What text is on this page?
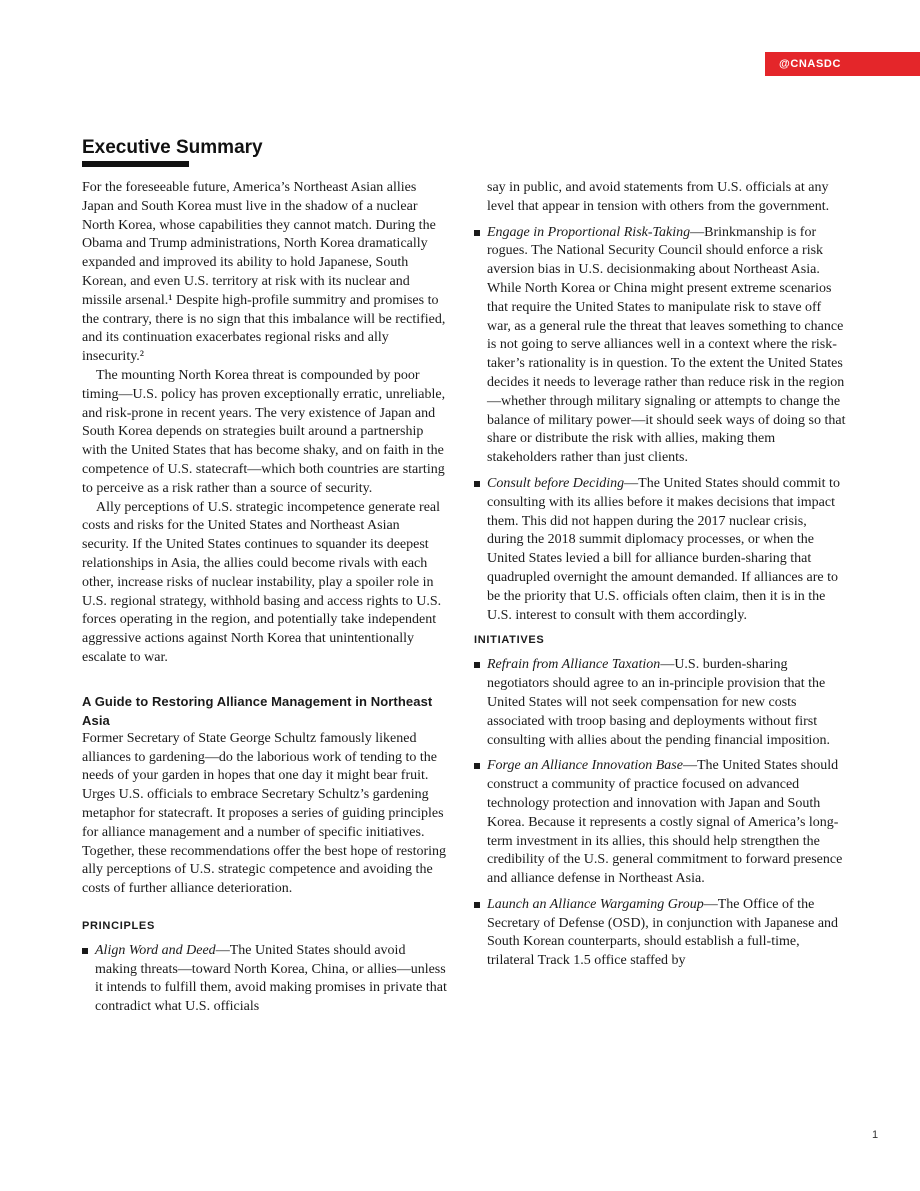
@CNASDC
Executive Summary

For the foreseeable future, America’s Northeast Asian allies Japan and South Korea must live in the shadow of a nuclear North Korea, whose capabilities they cannot match. During the Obama and Trump administrations, North Korea dramatically expanded and improved its ability to hold Japanese, South Korean, and even U.S. territory at risk with its nuclear and missile arsenal.¹ Despite high-profile summitry and promises to the contrary, there is no sign that this imbalance will be rectified, and its continuation exacerbates regional risks and ally insecurity.²

The mounting North Korea threat is compounded by poor timing—U.S. policy has proven exceptionally erratic, unreliable, and risk-prone in recent years. The very existence of Japan and South Korea depends on strategies built around a partnership with the United States that has become shaky, and on faith in the competence of U.S. statecraft—which both countries are starting to perceive as a risk rather than a source of security.

Ally perceptions of U.S. strategic incompetence generate real costs and risks for the United States and Northeast Asian security. If the United States continues to squander its deepest relationships in Asia, the allies could become rivals with each other, increase risks of nuclear instability, play a spoiler role in U.S. regional strategy, withhold basing and access rights to U.S. forces operating in the region, and potentially take independent aggressive actions against North Korea that unintentionally escalate to war.

A Guide to Restoring Alliance Management in Northeast Asia

Former Secretary of State George Schultz famously likened alliances to gardening—do the laborious work of tending to the needs of your garden in hopes that one day it might bear fruit. Urges U.S. officials to embrace Secretary Schultz’s gardening metaphor for statecraft. It proposes a series of guiding principles for alliance management and a number of specific initiatives. Together, these recommendations offer the best hope of restoring ally perceptions of U.S. strategic competence and avoiding the costs of further alliance deterioration.

PRINCIPLES
Align Word and Deed—The United States should avoid making threats—toward North Korea, China, or allies—unless it intends to fulfill them, avoid making promises in private that contradict what U.S. officials

say in public, and avoid statements from U.S. officials at any level that appear in tension with others from the government.

Engage in Proportional Risk-Taking—Brinkmanship is for rogues. The National Security Council should enforce a risk aversion bias in U.S. decisionmaking about Northeast Asia. While North Korea or China might present extreme scenarios that require the United States to manipulate risk to stave off war, as a general rule the threat that leaves something to chance is not going to serve alliances well in a context where the risk-taker’s rationality is in question. To the extent the United States decides it needs to leverage rather than reduce risk in the region—whether through military signaling or attempts to change the balance of military power—it should seek ways of doing so that share or distribute the risk with allies, making them stakeholders rather than just clients.
Consult before Deciding—The United States should commit to consulting with its allies before it makes decisions that impact them. This did not happen during the 2017 nuclear crisis, during the 2018 summit diplomacy processes, or when the United States levied a bill for alliance burden-sharing that quadrupled overnight the amount demanded. If alliances are to be the priority that U.S. officials often claim, then it is in the U.S. interest to consult with them accordingly.
INITIATIVES
Refrain from Alliance Taxation—U.S. burden-sharing negotiators should agree to an in-principle provision that the United States will not seek compensation for new costs associated with troop basing and deployments without first consulting with allies about the pending financial imposition.
Forge an Alliance Innovation Base—The United States should construct a community of practice focused on advanced technology protection and innovation with Japan and South Korea. Because it represents a costly signal of America’s long-term investment in its allies, this should help strengthen the credibility of the U.S. general commitment to forward presence and alliance defense in Northeast Asia.
Launch an Alliance Wargaming Group—The Office of the Secretary of Defense (OSD), in conjunction with Japanese and South Korean counterparts, should establish a full-time, trilateral Track 1.5 office staffed by
1
